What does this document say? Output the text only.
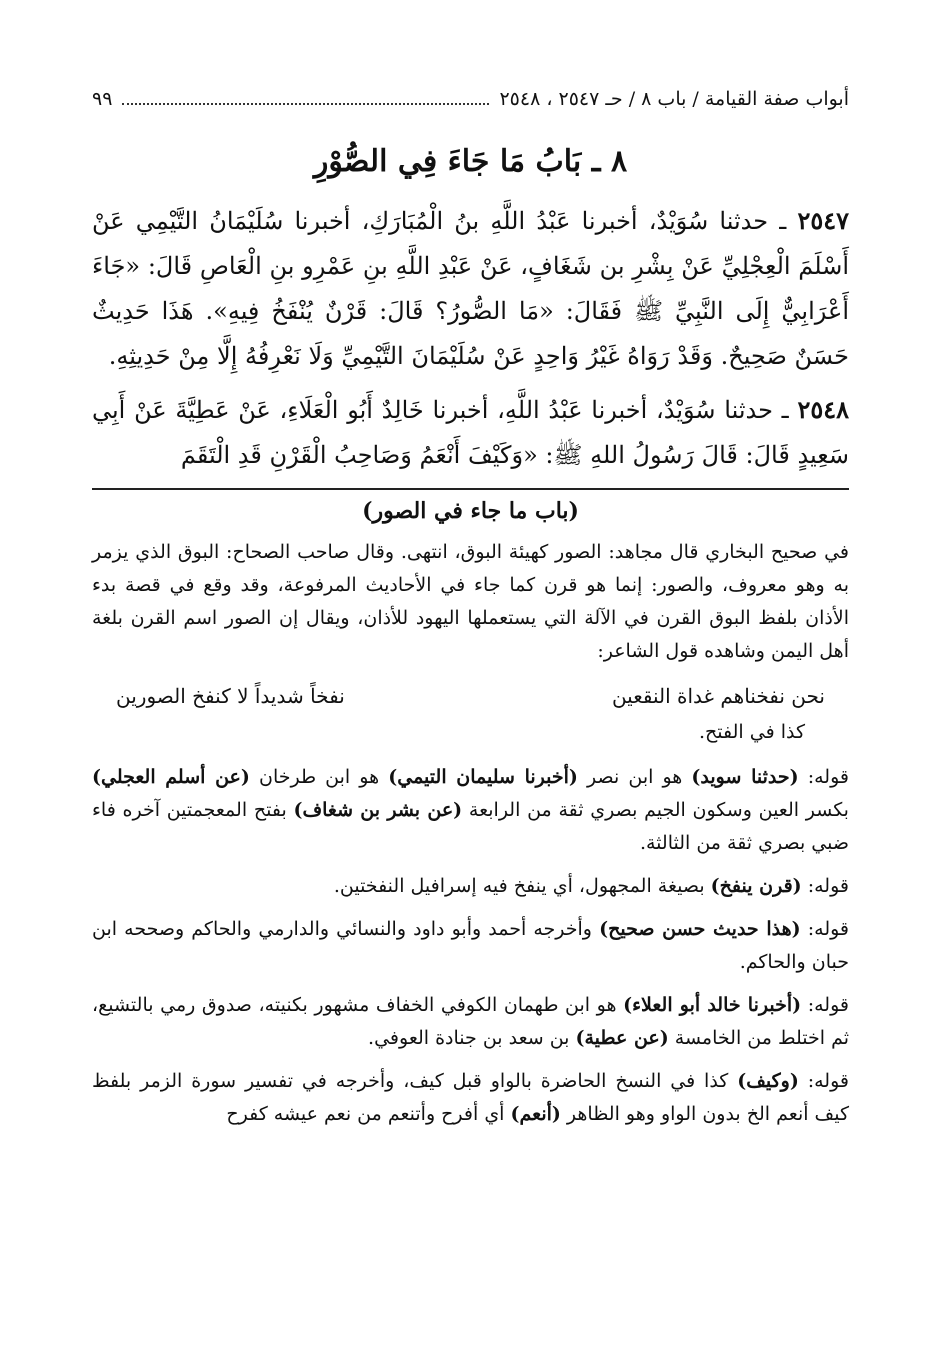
أبواب صفة القيامة / باب ٨ / حـ ٢٥٤٧ ، ٢٥٤٨
٩٩
٨ ـ بَابُ مَا جَاءَ فِي الصُّوْرِ

٢٥٤٧ ـ حدثنا سُوَيْدٌ، أخبرنا عَبْدُ اللَّهِ بنُ الْمُبَارَكِ، أخبرنا سُلَيْمَانُ التَّيْمِي عَنْ أَسْلَمَ الْعِجْلِيِّ عَنْ بِشْرِ بن شَغَافٍ، عَنْ عَبْدِ اللَّهِ بنِ عَمْرِو بنِ الْعَاصِ قَالَ: «جَاءَ أَعْرَابِيٌّ إِلَى النَّبِيِّ ﷺ فَقَالَ: «مَا الصُّورُ؟ قَالَ: قَرْنٌ يُنْفَخُ فِيهِ». هَذَا حَدِيثٌ حَسَنٌ صَحِيحٌ. وَقَدْ رَوَاهُ غَيْرُ وَاحِدٍ عَنْ سُلَيْمَانَ التَّيْمِيِّ وَلَا نَعْرِفُهُ إِلَّا مِنْ حَدِيثِهِ.

٢٥٤٨ ـ حدثنا سُوَيْدٌ، أخبرنا عَبْدُ اللَّهِ، أخبرنا خَالِدٌ أَبُو الْعَلَاءِ، عَنْ عَطِيَّةَ عَنْ أَبِي سَعِيدٍ قَالَ: قَالَ رَسُولُ اللهِ ﷺ: «وَكَيْفَ أَنْعَمُ وَصَاحِبُ الْقَرْنِ قَدِ الْتَقَمَ

(باب ما جاء في الصور)

في صحيح البخاري قال مجاهد: الصور كهيئة البوق، انتهى. وقال صاحب الصحاح: البوق الذي يزمر به وهو معروف، والصور: إنما هو قرن كما جاء في الأحاديث المرفوعة، وقد وقع في قصة بدء الأذان بلفظ البوق القرن في الآلة التي يستعملها اليهود للأذان، ويقال إن الصور اسم القرن بلغة أهل اليمن وشاهده قول الشاعر:

نحن نفخناهم غداة النقعين
نفخاً شديداً لا كنفخ الصورين
كذا في الفتح.

قوله: (حدثنا سويد) هو ابن نصر (أخبرنا سليمان التيمي) هو ابن طرخان (عن أسلم العجلي) بكسر العين وسكون الجيم بصري ثقة من الرابعة (عن بشر بن شغاف) بفتح المعجمتين آخره فاء ضبي بصري ثقة من الثالثة.

قوله: (قرن ينفخ) بصيغة المجهول، أي ينفخ فيه إسرافيل النفختين.

قوله: (هذا حديث حسن صحيح) وأخرجه أحمد وأبو داود والنسائي والدارمي والحاكم وصححه ابن حبان والحاكم.

قوله: (أخبرنا خالد أبو العلاء) هو ابن طهمان الكوفي الخفاف مشهور بكنيته، صدوق رمي بالتشيع، ثم اختلط من الخامسة (عن عطية) بن سعد بن جنادة العوفي.

قوله: (وكيف) كذا في النسخ الحاضرة بالواو قبل كيف، وأخرجه في تفسير سورة الزمر بلفظ كيف أنعم الخ بدون الواو وهو الظاهر (أنعم) أي أفرح وأتنعم من نعم عيشه كفرح
